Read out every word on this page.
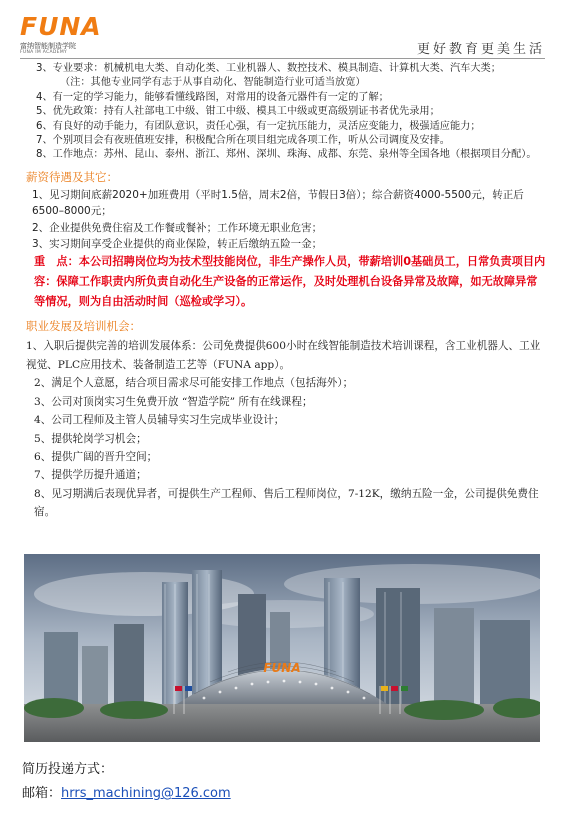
FUNA
富纳智能制造学院
FUNA IM ACADEMY	更好教育更美生活
3、专业要求：机械机电大类、自动化类、工业机器人、数控技术、模具制造、计算机大类、汽车大类；
（注：其他专业同学有志于从事自动化、智能制造行业可适当放宽）
4、有一定的学习能力，能够看懂线路图，对常用的设备元器件有一定的了解；
5、优先政策：持有人社部电工中级、钳工中级、模具工中级或更高级别证书者优先录用；
6、有良好的动手能力，有团队意识，责任心强，有一定抗压能力，灵活应变能力，极强适应能力；
7、个别项目会有夜班值班安排，积极配合所在项目组完成各项工作，听从公司调度及安排。
8、工作地点：苏州、昆山、泰州、浙江、郑州、深圳、珠海、成都、东莞、泉州等全国各地（根据项目分配）。
薪资待遇及其它：
1、见习期间底薪2020+加班费用（平时1.5倍，周末2倍，节假日3倍）；综合薪资4000-5500元，转正后6500–8000元；
2、企业提供免费住宿及工作餐或餐补；工作环境无职业危害；
3、实习期间享受企业提供的商业保险，转正后缴纳五险一金；
重　点：本公司招聘岗位均为技术型技能岗位，非生产操作人员，带薪培训0基础员工，日常负责项目内容：保障工作职责内所负责自动化生产设备的正常运作，及时处理机台设备异常及故障，如无故障异常等情况，则为自由活动时间（巡检或学习）。
职业发展及培训机会：
1、入职后提供完善的培训发展体系：公司免费提供600小时在线智能制造技术培训课程，含工业机器人、工业视觉、PLC应用技术、装备制造工艺等（FUNA app）。
2、满足个人意愿，结合项目需求尽可能安排工作地点（包括海外）；
3、公司对顶岗实习生免费开放 “智造学院” 所有在线课程；
4、公司工程师及主管人员辅导实习生完成毕业设计；
5、提供轮岗学习机会；
6、提供广阔的晋升空间；
7、提供学历提升通道；
8、见习期满后表现优异者，可提供生产工程师、售后工程师岗位，7-12K，缴纳五险一金，公司提供免费住宿。
FUNA
简历投递方式：
邮箱：hrrs_machining@126.com
